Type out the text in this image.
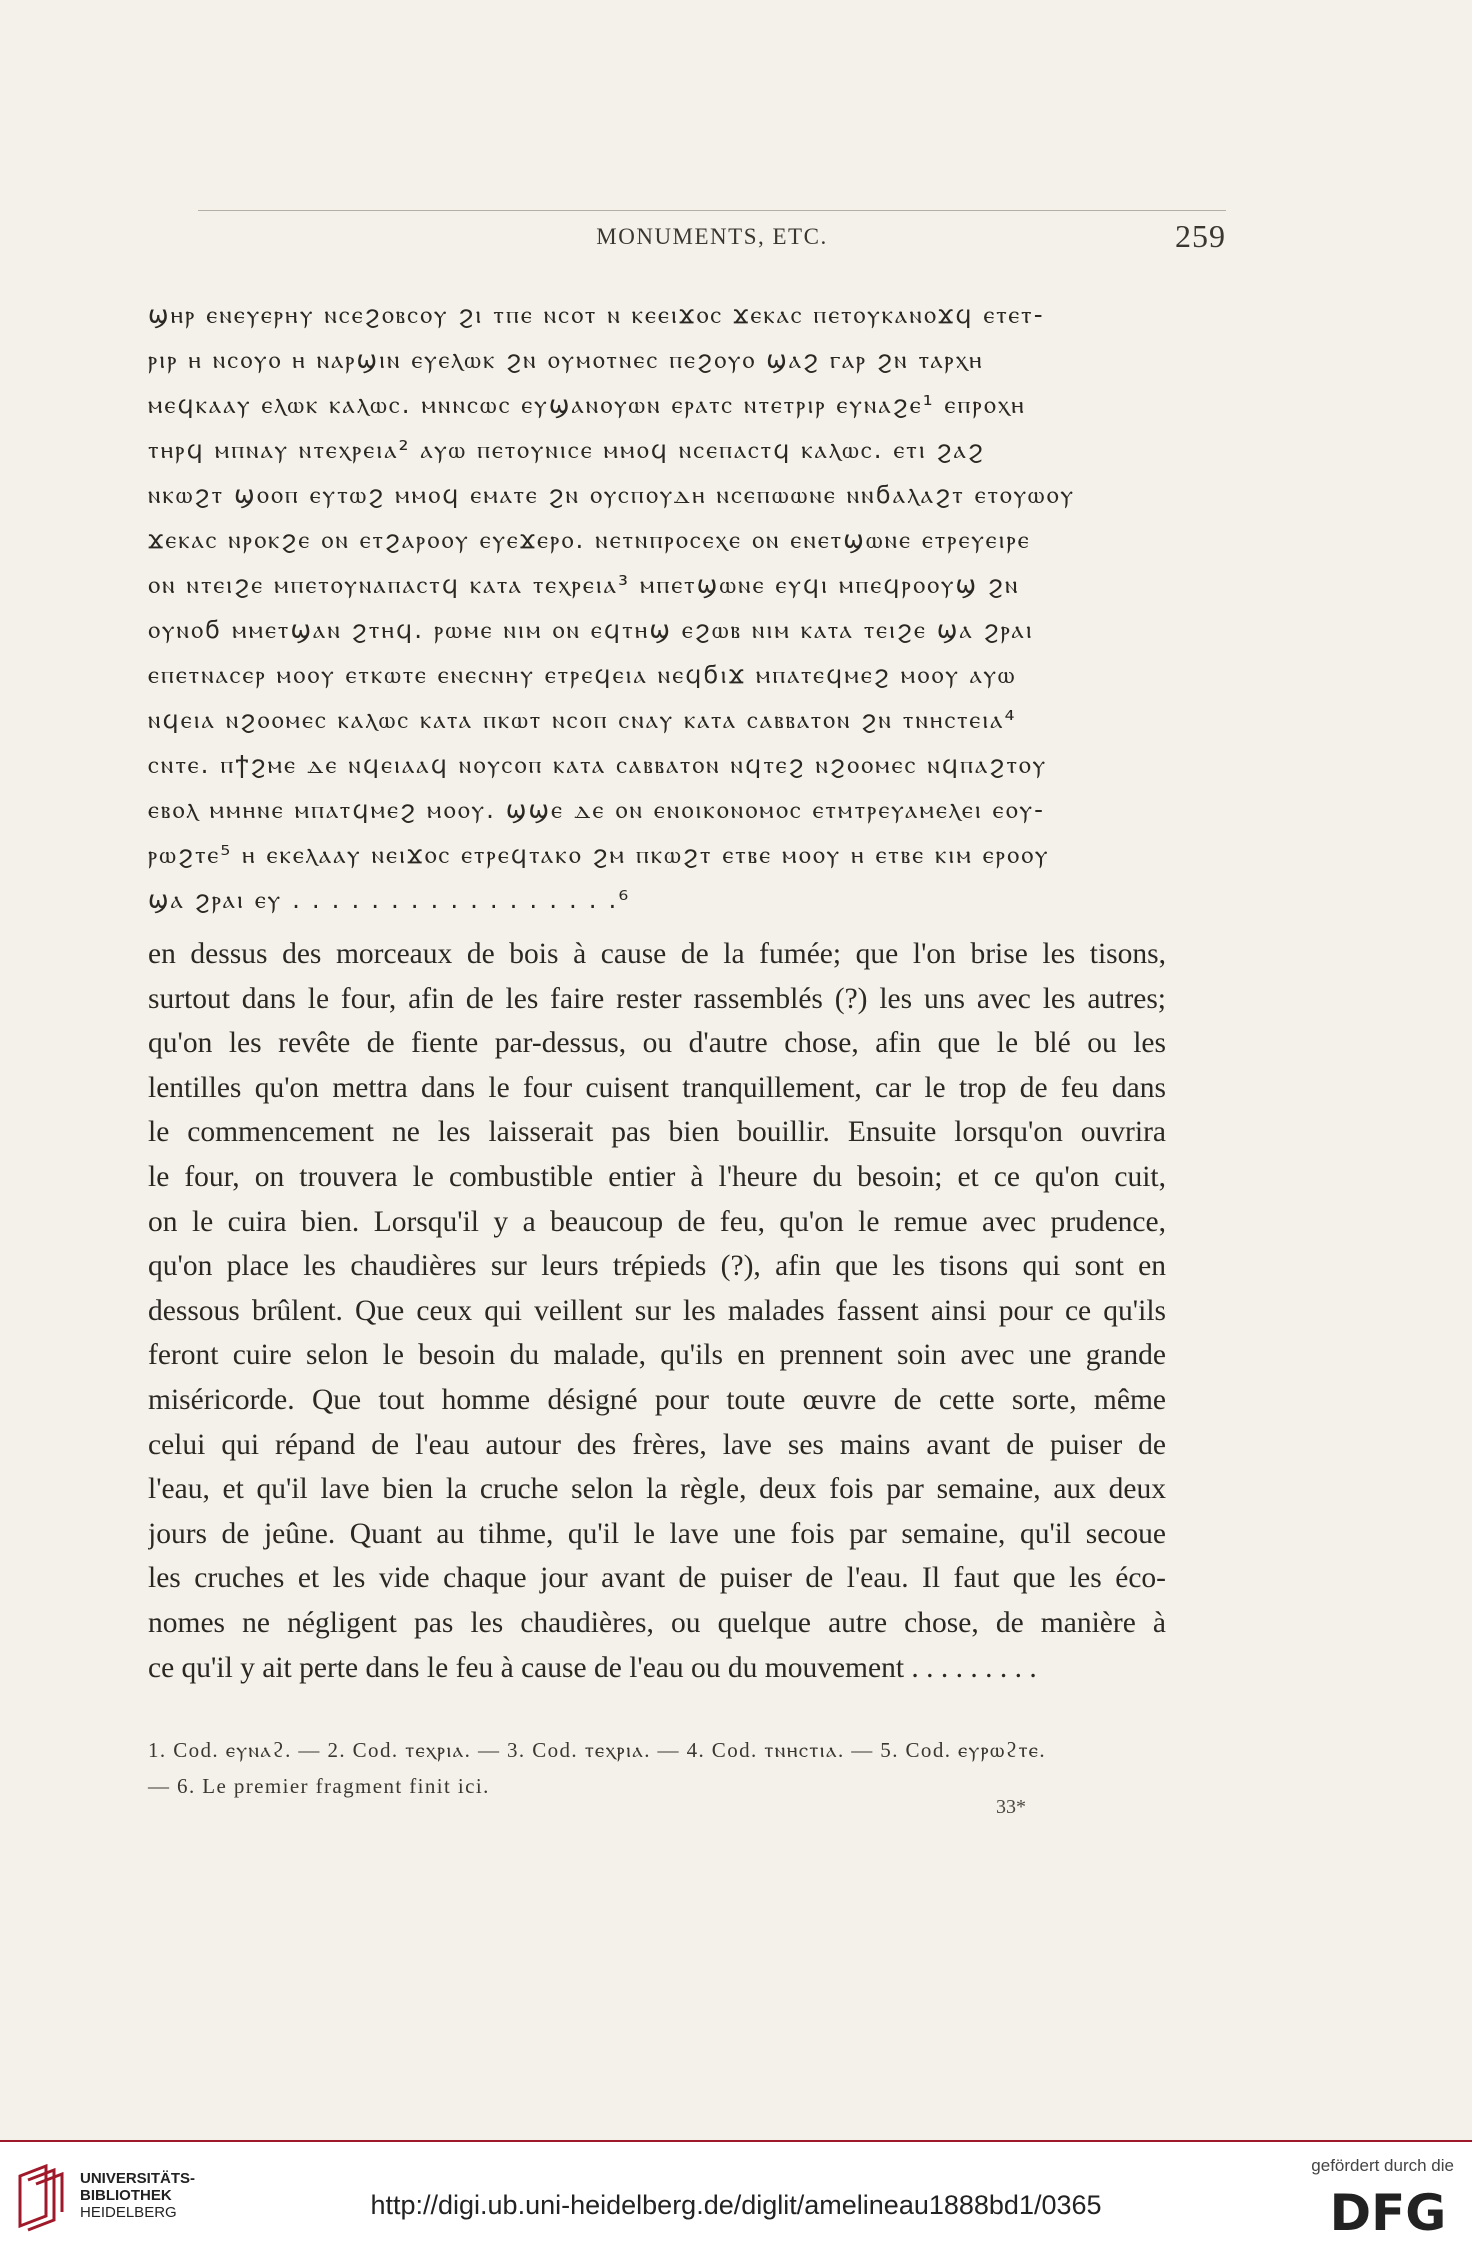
MONUMENTS, ETC.	259
ϣⲏⲣ ⲉⲛⲉⲩⲉⲣⲏⲩ ⲛⲥⲉϩⲟⲃⲥⲟⲩ ϩⲓ ⲧⲡⲉ ⲛⲥⲟⲧ ⲛ ⲕⲉⲉⲓϫⲟⲥ ϫⲉⲕⲁⲥ ⲡⲉⲧⲟⲩⲕⲁⲛⲟϫϥ ⲉⲧⲉⲧ-
ⲣⲓⲣ ⲏ ⲛⲥⲟⲩⲟ ⲏ ⲛⲁⲣϣⲓⲛ ⲉⲩⲉⲗⲱⲕ ϩⲛ ⲟⲩⲙⲟⲧⲛⲉⲥ ⲡⲉϩⲟⲩⲟ ϣⲁϩ ⲅⲁⲣ ϩⲛ ⲧⲁⲣⲭⲏ
ⲙⲉϥⲕⲁⲁⲩ ⲉⲗⲱⲕ ⲕⲁⲗⲱⲥ. ⲙⲛⲛⲥⲱⲥ ⲉⲩϣⲁⲛⲟⲩⲱⲛ ⲉⲣⲁⲧⲥ ⲛⲧⲉⲧⲣⲓⲣ ⲉⲩⲛⲁϩⲉ¹ ⲉⲡⲣⲟⲭⲏ
ⲧⲏⲣϥ ⲙⲡⲛⲁⲩ ⲛⲧⲉⲭⲣⲉⲓⲁ² ⲁⲩⲱ ⲡⲉⲧⲟⲩⲛⲓⲥⲉ ⲙⲙⲟϥ ⲛⲥⲉⲡⲁⲥⲧϥ ⲕⲁⲗⲱⲥ. ⲉⲧⲓ ϩⲁϩ
ⲛⲕⲱϩⲧ ϣⲟⲟⲡ ⲉⲩⲧⲱϩ ⲙⲙⲟϥ ⲉⲙⲁⲧⲉ ϩⲛ ⲟⲩⲥⲡⲟⲩⲇⲏ ⲛⲥⲉⲡⲱⲱⲛⲉ ⲛⲛϭⲁⲗⲁϩⲧ ⲉⲧⲟⲩⲱⲟⲩ
ϫⲉⲕⲁⲥ ⲛⲣⲟⲕϩⲉ ⲟⲛ ⲉⲧϩⲁⲣⲟⲟⲩ ⲉⲩⲉϫⲉⲣⲟ. ⲛⲉⲧⲛⲡⲣⲟⲥⲉⲭⲉ ⲟⲛ ⲉⲛⲉⲧϣⲱⲛⲉ ⲉⲧⲣⲉⲩⲉⲓⲣⲉ
ⲟⲛ ⲛⲧⲉⲓϩⲉ ⲙⲡⲉⲧⲟⲩⲛⲁⲡⲁⲥⲧϥ ⲕⲁⲧⲁ ⲧⲉⲭⲣⲉⲓⲁ³ ⲙⲡⲉⲧϣⲱⲛⲉ ⲉⲩϥⲓ ⲙⲡⲉϥⲣⲟⲟⲩϣ ϩⲛ
ⲟⲩⲛⲟϭ ⲙⲙⲉⲧϣⲁⲛ ϩⲧⲏϥ. ⲣⲱⲙⲉ ⲛⲓⲙ ⲟⲛ ⲉϥⲧⲏϣ ⲉϩⲱⲃ ⲛⲓⲙ ⲕⲁⲧⲁ ⲧⲉⲓϩⲉ ϣⲁ ϩⲣⲁⲓ
ⲉⲡⲉⲧⲛⲁⲥⲉⲣ ⲙⲟⲟⲩ ⲉⲧⲕⲱⲧⲉ ⲉⲛⲉⲥⲛⲏⲩ ⲉⲧⲣⲉϥⲉⲓⲁ ⲛⲉϥϭⲓϫ ⲙⲡⲁⲧⲉϥⲙⲉϩ ⲙⲟⲟⲩ ⲁⲩⲱ
ⲛϥⲉⲓⲁ ⲛϩⲟⲟⲙⲉⲥ ⲕⲁⲗⲱⲥ ⲕⲁⲧⲁ ⲡⲕⲱⲧ ⲛⲥⲟⲡ ⲥⲛⲁⲩ ⲕⲁⲧⲁ ⲥⲁⲃⲃⲁⲧⲟⲛ ϩⲛ ⲧⲛⲏⲥⲧⲉⲓⲁ⁴
ⲥⲛⲧⲉ. ⲡϯϩⲙⲉ ⲇⲉ ⲛϥⲉⲓⲁⲁϥ ⲛⲟⲩⲥⲟⲡ ⲕⲁⲧⲁ ⲥⲁⲃⲃⲁⲧⲟⲛ ⲛϥⲧⲉϩ ⲛϩⲟⲟⲙⲉⲥ ⲛϥⲡⲁϩⲧⲟⲩ
ⲉⲃⲟⲗ ⲙⲙⲏⲛⲉ ⲙⲡⲁⲧϥⲙⲉϩ ⲙⲟⲟⲩ. ϣϣⲉ ⲇⲉ ⲟⲛ ⲉⲛⲟⲓⲕⲟⲛⲟⲙⲟⲥ ⲉⲧⲙⲧⲣⲉⲩⲁⲙⲉⲗⲉⲓ ⲉⲟⲩ-
ⲣⲱϩⲧⲉ⁵ ⲏ ⲉⲕⲉⲗⲁⲁⲩ ⲛⲉⲓϫⲟⲥ ⲉⲧⲣⲉϥⲧⲁⲕⲟ ϩⲙ ⲡⲕⲱϩⲧ ⲉⲧⲃⲉ ⲙⲟⲟⲩ ⲏ ⲉⲧⲃⲉ ⲕⲓⲙ ⲉⲣⲟⲟⲩ
ϣⲁ ϩⲣⲁⲓ ⲉⲩ . . . . . . . . . . . . . . . . .⁶
en dessus des morceaux de bois à cause de la fumée; que l'on brise les tisons,
surtout dans le four, afin de les faire rester rassemblés (?) les uns avec les autres;
qu'on les revête de fiente par-dessus, ou d'autre chose, afin que le blé ou les
lentilles qu'on mettra dans le four cuisent tranquillement, car le trop de feu dans
le commencement ne les laisserait pas bien bouillir. Ensuite lorsqu'on ouvrira
le four, on trouvera le combustible entier à l'heure du besoin; et ce qu'on cuit,
on le cuira bien. Lorsqu'il y a beaucoup de feu, qu'on le remue avec prudence,
qu'on place les chaudières sur leurs trépieds (?), afin que les tisons qui sont en
dessous brûlent. Que ceux qui veillent sur les malades fassent ainsi pour ce qu'ils
feront cuire selon le besoin du malade, qu'ils en prennent soin avec une grande
miséricorde. Que tout homme désigné pour toute œuvre de cette sorte, même
celui qui répand de l'eau autour des frères, lave ses mains avant de puiser de
l'eau, et qu'il lave bien la cruche selon la règle, deux fois par semaine, aux deux
jours de jeûne. Quant au tihme, qu'il le lave une fois par semaine, qu'il secoue
les cruches et les vide chaque jour avant de puiser de l'eau. Il faut que les éco-
nomes ne négligent pas les chaudières, ou quelque autre chose, de manière à
ce qu'il y ait perte dans le feu à cause de l'eau ou du mouvement . . . . . . . . .
1. Cod. ⲉⲩⲛⲁϩ. — 2. Cod. ⲧⲉⲭⲣⲓⲁ. — 3. Cod. ⲧⲉⲭⲣⲓⲁ. — 4. Cod. ⲧⲛⲏⲥⲧⲓⲁ. — 5. Cod. ⲉⲩⲣⲱϩⲧⲉ.
— 6. Le premier fragment finit ici.
33*
UNIVERSITÄTS-
BIBLIOTHEK
HEIDELBERG	http://digi.ub.uni-heidelberg.de/diglit/amelineau1888bd1/0365
gefördert durch die
DFG
